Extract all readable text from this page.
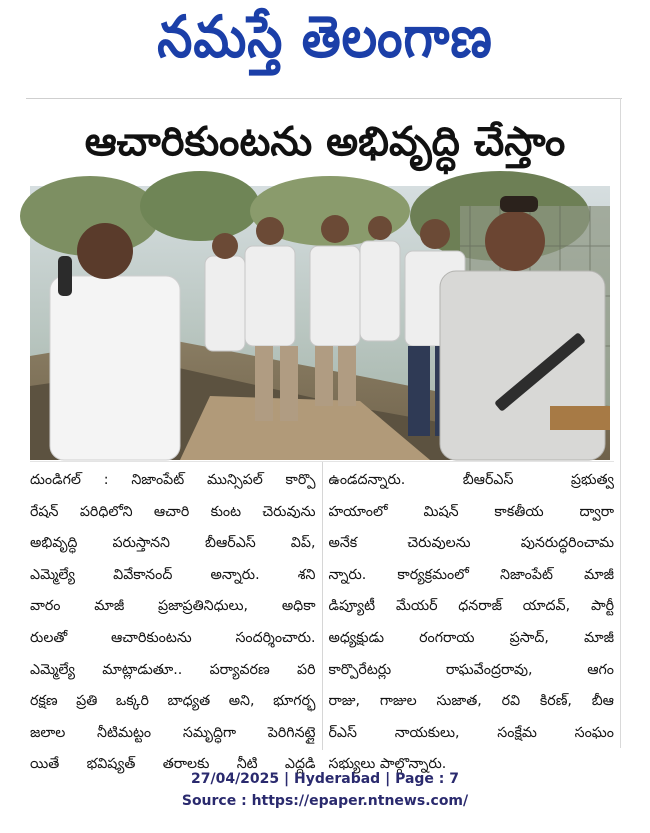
నమస్తే తెలంగాణ
ఆచారికుంటను అభివృద్ధి చేస్తాం
దుండిగల్ : నిజాంపేట్ మున్సిపల్ కార్పొ
రేషన్ పరిధిలోని ఆచారి కుంట చెరువును
అభివృద్ధి పరుస్తానని బీఆర్ఎస్ విప్,
ఎమ్మెల్యే వివేకానంద్ అన్నారు. శని
వారం మాజీ ప్రజాప్రతినిధులు, అధికా
రులతో ఆచారికుంటను సందర్శించారు.
ఎమ్మెల్యే మాట్లాడుతూ.. పర్యావరణ పరి
రక్షణ ప్రతి ఒక్కరి బాధ్యత అని, భూగర్భ
జలాల నీటిమట్టం సమృద్ధిగా పెరిగినట్లై
యితే భవిష్యత్ తరాలకు నీటి ఎద్దడి
ఉండదన్నారు. బీఆర్ఎస్ ప్రభుత్వ
హయాంలో మిషన్ కాకతీయ ద్వారా
అనేక చెరువులను పునరుద్ధరించామ
న్నారు. కార్యక్రమంలో నిజాంపేట్ మాజీ
డిప్యూటీ మేయర్ ధనరాజ్ యాదవ్, పార్టీ
అధ్యక్షుడు రంగరాయ ప్రసాద్, మాజీ
కార్పొరేటర్లు రాఘవేంద్రరావు, ఆగం
రాజు, గాజుల సుజాత, రవి కిరణ్, బీఆ
ర్ఎస్ నాయకులు, సంక్షేమ సంఘం
సభ్యులు పాల్గొన్నారు.
27/04/2025 | Hyderabad | Page : 7
Source : https://epaper.ntnews.com/
